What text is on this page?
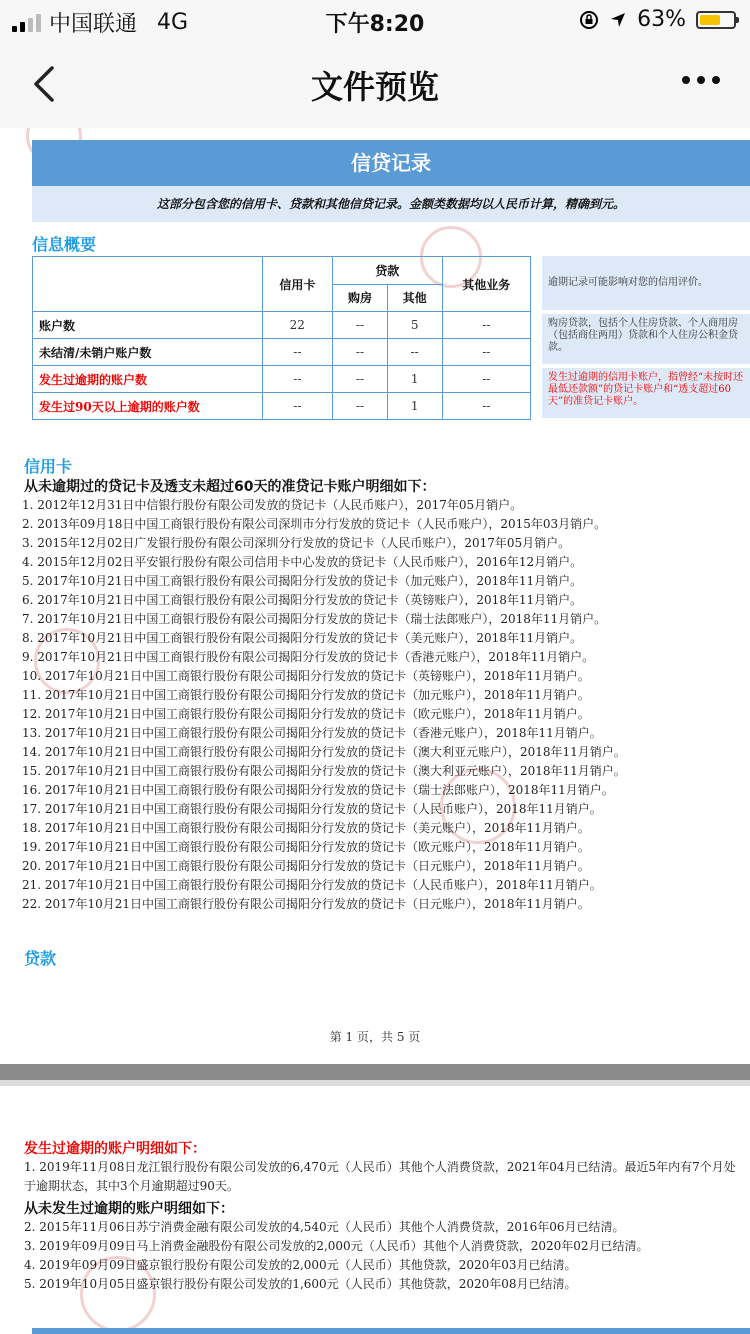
中国联通 4G	下午8:20	63%
文件预览
​
信贷记录
这部分包含您的信用卡、贷款和其他信贷记录。金额类数据均以人民币计算，精确到元。
信息概要
	信用卡	贷款		其他业务
		购房	其他	
账户数	22	--	5	--
未结清/未销户账户数	--	--	--	--
发生过逾期的账户数	--	--	1	--
发生过90天以上逾期的账户数	--	--	1	--
逾期记录可能影响对您的信用评价。
购房贷款，包括个人住房贷款、个人商用房（包括商住两用）贷款和个人住房公积金贷款。
发生过逾期的信用卡账户，指曾经“未按时还最低还款额”的贷记卡账户和“透支超过60天”的准贷记卡账户。
信用卡
从未逾期过的贷记卡及透支未超过60天的准贷记卡账户明细如下：
1. 2012年12月31日中信银行股份有限公司发放的贷记卡（人民币账户），2017年05月销户。
2. 2013年09月18日中国工商银行股份有限公司深圳市分行发放的贷记卡（人民币账户），2015年03月销户。
3. 2015年12月02日广发银行股份有限公司深圳分行发放的贷记卡（人民币账户），2017年05月销户。
4. 2015年12月02日平安银行股份有限公司信用卡中心发放的贷记卡（人民币账户），2016年12月销户。
5. 2017年10月21日中国工商银行股份有限公司揭阳分行发放的贷记卡（加元账户），2018年11月销户。
6. 2017年10月21日中国工商银行股份有限公司揭阳分行发放的贷记卡（英镑账户），2018年11月销户。
7. 2017年10月21日中国工商银行股份有限公司揭阳分行发放的贷记卡（瑞士法郎账户），2018年11月销户。
8. 2017年10月21日中国工商银行股份有限公司揭阳分行发放的贷记卡（美元账户），2018年11月销户。
9. 2017年10月21日中国工商银行股份有限公司揭阳分行发放的贷记卡（香港元账户），2018年11月销户。
10. 2017年10月21日中国工商银行股份有限公司揭阳分行发放的贷记卡（英镑账户），2018年11月销户。
11. 2017年10月21日中国工商银行股份有限公司揭阳分行发放的贷记卡（加元账户），2018年11月销户。
12. 2017年10月21日中国工商银行股份有限公司揭阳分行发放的贷记卡（欧元账户），2018年11月销户。
13. 2017年10月21日中国工商银行股份有限公司揭阳分行发放的贷记卡（香港元账户），2018年11月销户。
14. 2017年10月21日中国工商银行股份有限公司揭阳分行发放的贷记卡（澳大利亚元账户），2018年11月销户。
15. 2017年10月21日中国工商银行股份有限公司揭阳分行发放的贷记卡（澳大利亚元账户），2018年11月销户。
16. 2017年10月21日中国工商银行股份有限公司揭阳分行发放的贷记卡（瑞士法郎账户），2018年11月销户。
17. 2017年10月21日中国工商银行股份有限公司揭阳分行发放的贷记卡（人民币账户），2018年11月销户。
18. 2017年10月21日中国工商银行股份有限公司揭阳分行发放的贷记卡（美元账户），2018年11月销户。
19. 2017年10月21日中国工商银行股份有限公司揭阳分行发放的贷记卡（欧元账户），2018年11月销户。
20. 2017年10月21日中国工商银行股份有限公司揭阳分行发放的贷记卡（日元账户），2018年11月销户。
21. 2017年10月21日中国工商银行股份有限公司揭阳分行发放的贷记卡（人民币账户），2018年11月销户。
22. 2017年10月21日中国工商银行股份有限公司揭阳分行发放的贷记卡（日元账户），2018年11月销户。
贷款
第 1 页，共 5 页
发生过逾期的账户明细如下：
1. 2019年11月08日龙江银行股份有限公司发放的6,470元（人民币）其他个人消费贷款，2021年04月已结清。最近5年内有7个月处
于逾期状态，其中3个月逾期超过90天。
从未发生过逾期的账户明细如下：
2. 2015年11月06日苏宁消费金融有限公司发放的4,540元（人民币）其他个人消费贷款，2016年06月已结清。
3. 2019年09月09日马上消费金融股份有限公司发放的2,000元（人民币）其他个人消费贷款，2020年02月已结清。
4. 2019年09月09日盛京银行股份有限公司发放的2,000元（人民币）其他贷款，2020年03月已结清。
5. 2019年10月05日盛京银行股份有限公司发放的1,600元（人民币）其他贷款，2020年08月已结清。
